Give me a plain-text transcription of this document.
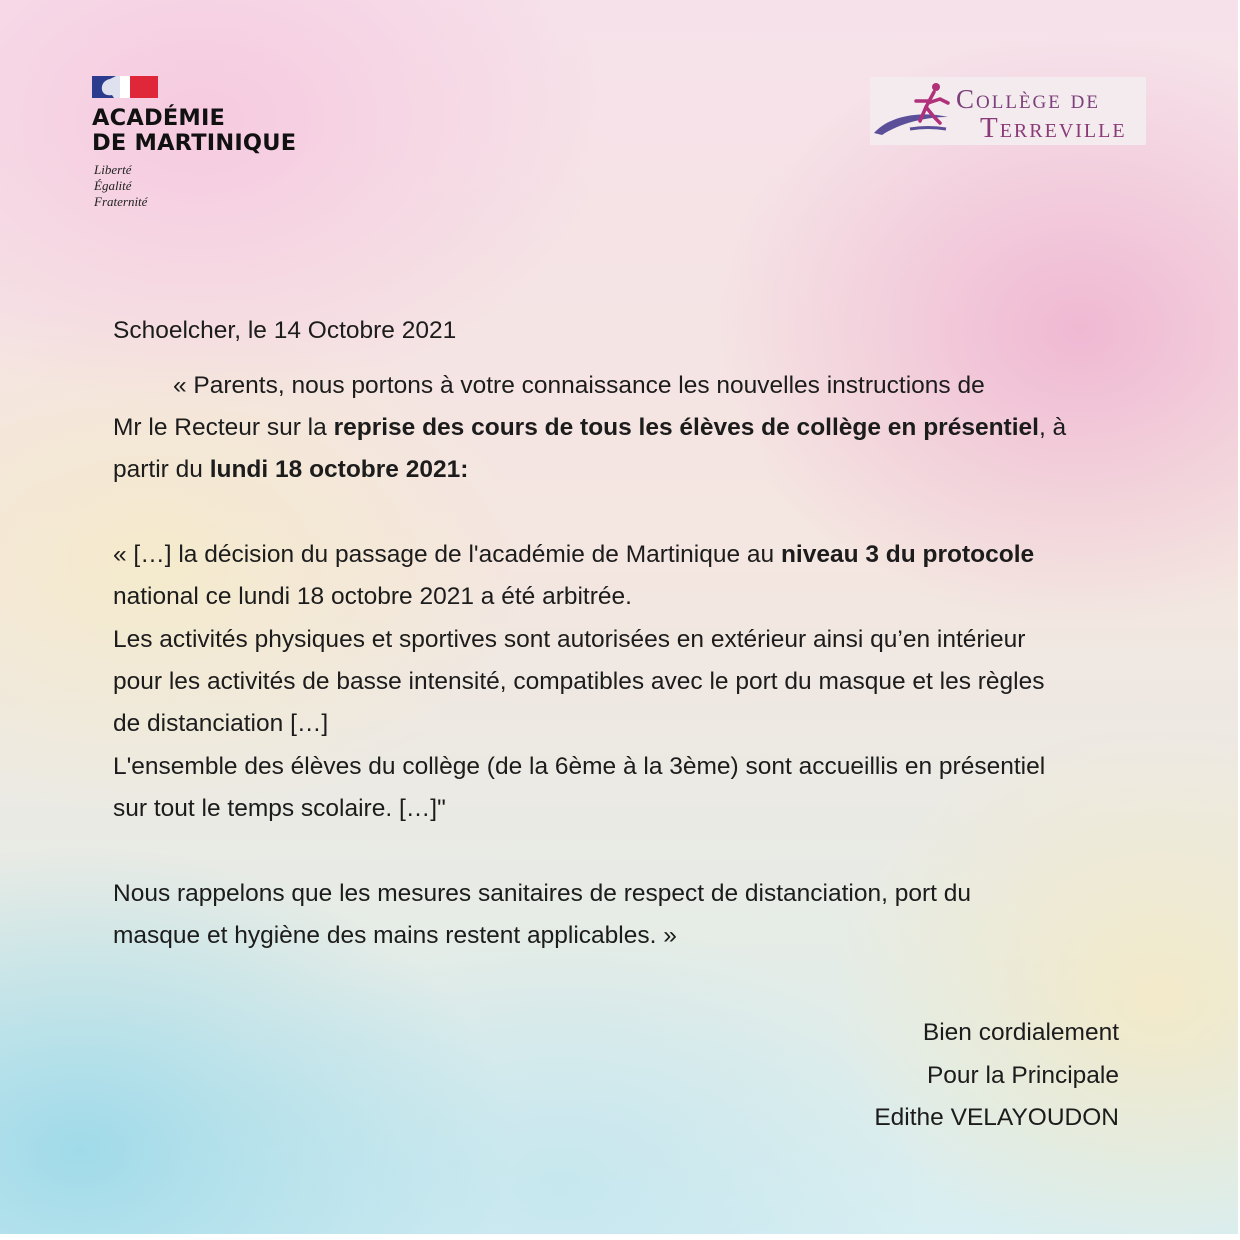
ACADÉMIE
DE MARTINIQUE
Liberté
Égalité
Fraternité
Collège de
Terreville
Schoelcher, le 14 Octobre 2021
« Parents, nous portons à votre connaissance les nouvelles instructions de
Mr le Recteur sur la reprise des cours de tous les élèves de collège en présentiel, à
partir du lundi 18 octobre 2021:
« […] la décision du passage de l'académie de Martinique au niveau 3 du protocole
national ce lundi 18 octobre 2021 a été arbitrée.
Les activités physiques et sportives sont autorisées en extérieur ainsi qu’en intérieur
pour les activités de basse intensité, compatibles avec le port du masque et les règles
de distanciation […]
L'ensemble des élèves du collège (de la 6ème à la 3ème) sont accueillis en présentiel
sur tout le temps scolaire. […]"
Nous rappelons que les mesures sanitaires de respect de distanciation, port du
masque et hygiène des mains restent applicables. »
Bien cordialement
Pour la Principale
Edithe VELAYOUDON
